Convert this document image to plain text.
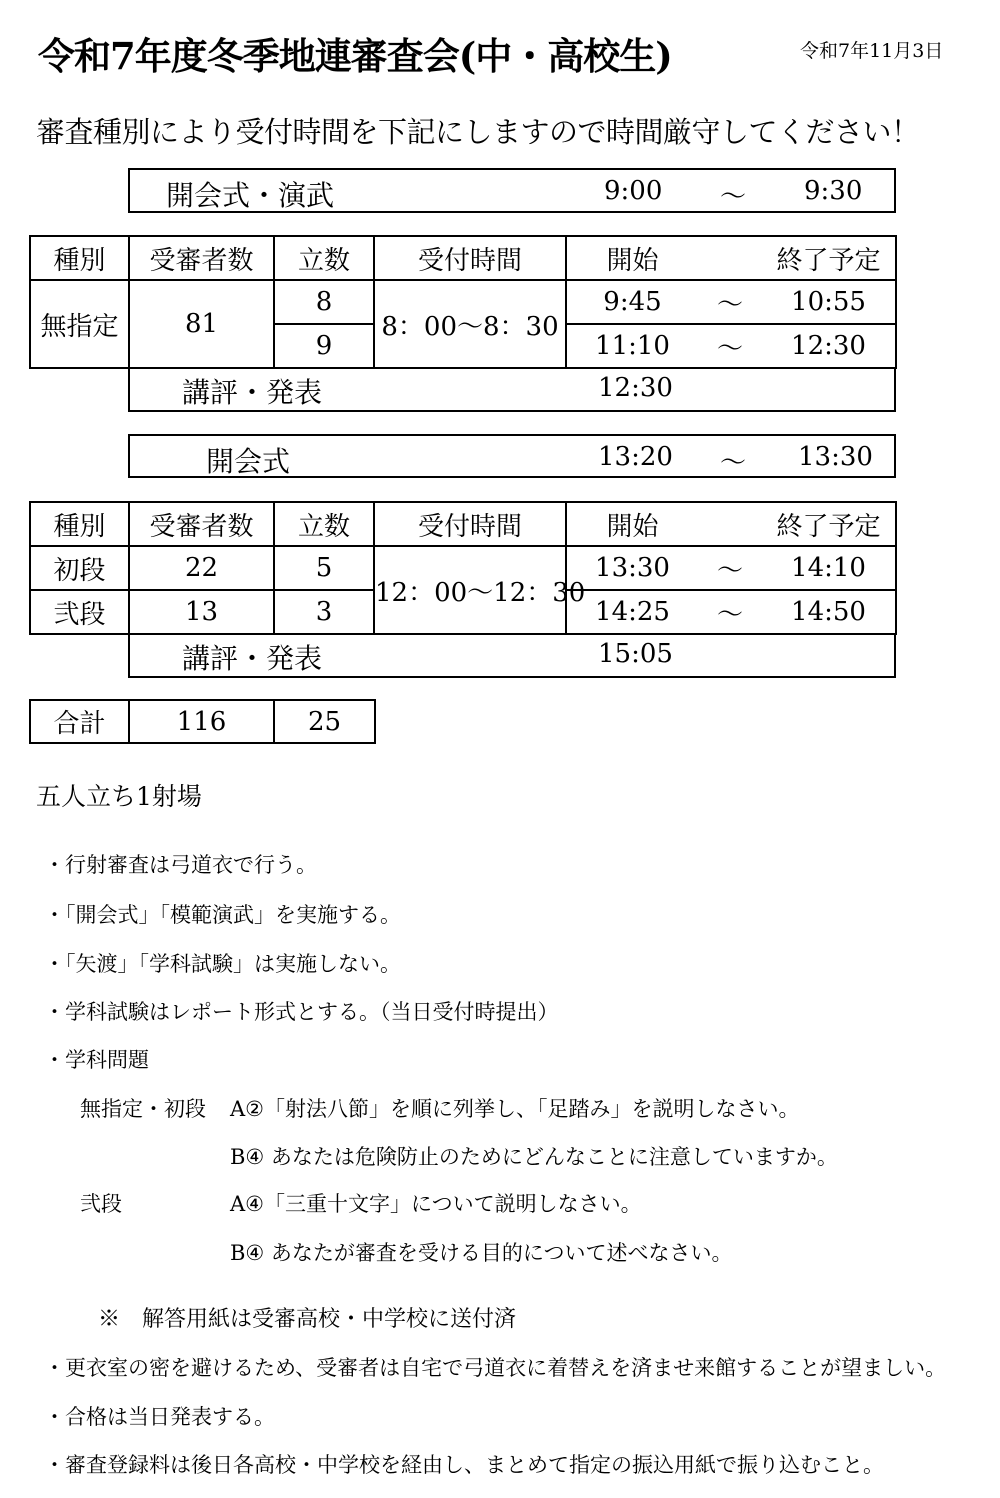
令和7年度冬季地連審査会(中・高校生)	令和7年11月3日
審査種別により受付時間を下記にしますので時間厳守してください！
開会式・演武	9:00 ～ 9:30
種別	受審者数	立数	受付時間	開始		終了予定
無指定	81	8	8：00～8：30	9:45	～	10:55
		9		11:10	～	12:30
講評・発表	12:30
開会式	13:20 ～ 13:30
種別	受審者数	立数	受付時間	開始		終了予定
初段	22	5	12：00～12：30	13:30	～	14:10
弐段	13	3		14:25	～	14:50
講評・発表	15:05
合計	116	25
五人立ち1射場
・行射審査は弓道衣で行う。
・「開会式」「模範演武」を実施する。
・「矢渡」「学科試験」は実施しない。
・学科試験はレポート形式とする。（当日受付時提出）
・学科問題
無指定・初段 A②「射法八節」を順に列挙し、「足踏み」を説明しなさい。
B④ あなたは危険防止のためにどんなことに注意していますか。
弐段	A④「三重十文字」について説明しなさい。
B④ あなたが審査を受ける目的について述べなさい。
※　解答用紙は受審高校・中学校に送付済
・更衣室の密を避けるため、受審者は自宅で弓道衣に着替えを済ませ来館することが望ましい。
・合格は当日発表する。
・審査登録料は後日各高校・中学校を経由し、まとめて指定の振込用紙で振り込むこと。
